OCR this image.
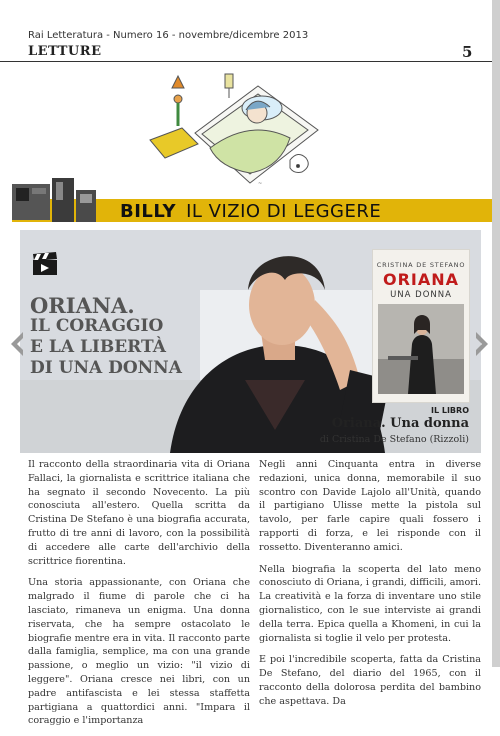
Rai Letteratura - Numero 16 - novembre/dicembre 2013
LETTURE	5
~
BILLY IL VIZIO DI LEGGERE
ORIANA.
IL CORAGGIO
E LA LIBERTÀ
DI UNA DONNA
CRISTINA DE STEFANO
ORIANA
UNA DONNA
IL LIBRO
Oriana. Una donna
di Cristina De Stefano (Rizzoli)

Il racconto della straordinaria vita di Oriana Fallaci, la giornalista e scrittrice italiana che ha segnato il secondo Novecento. La più conosciuta all'estero. Quella scritta da Cristina De Stefano è una biografia accurata, frutto di tre anni di lavoro, con la possibilità di accedere alle carte dell'archivio della scrittrice fiorentina.

Una storia appassionante, con Oriana che malgrado il fiume di parole che ci ha lasciato, rimaneva un enigma. Una donna riservata, che ha sempre ostacolato le biografie mentre era in vita. Il racconto parte dalla famiglia, semplice, ma con una grande passione, o meglio un vizio: "il vizio di leggere". Oriana cresce nei libri, con un padre antifascista e lei stessa staffetta partigiana a quattordici anni. "Impara il coraggio e l'importanza

Negli anni Cinquanta entra in diverse redazioni, unica donna, memorabile il suo scontro con Davide Lajolo all'Unità, quando il partigiano Ulisse mette la pistola sul tavolo, per farle capire quali fossero i rapporti di forza, e lei risponde con il rossetto. Diventeranno amici.

Nella biografia la scoperta del lato meno conosciuto di Oriana, i grandi, difficili, amori. La creatività e la forza di inventare uno stile giornalistico, con le sue interviste ai grandi della terra. Epica quella a Khomeni, in cui la giornalista si toglie il velo per protesta.

E poi l'incredibile scoperta, fatta da Cristina De Stefano, del diario del 1965, con il racconto della dolorosa perdita del bambino che aspettava. Da
